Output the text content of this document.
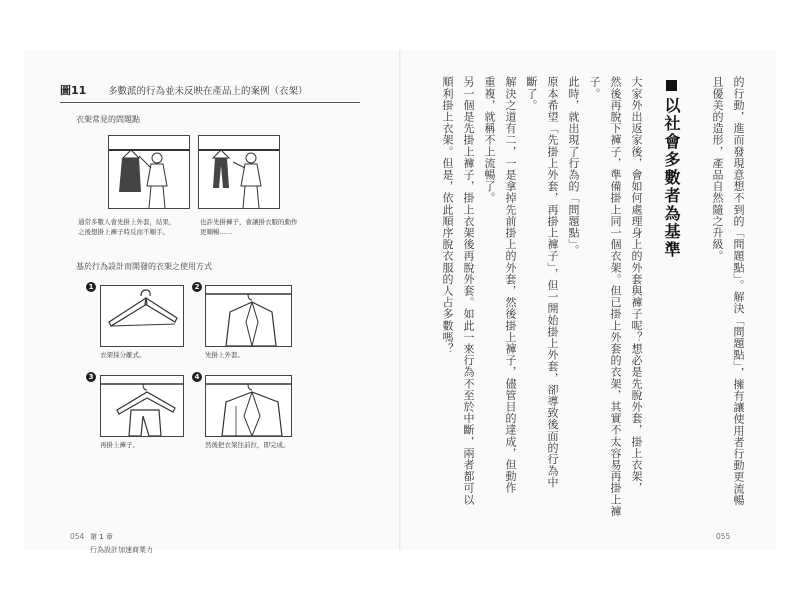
圖11 多數派的行為並未反映在產品上的案例（衣架）
衣架常見的問題點
通常多數人會先掛上外套，結果，
之後想掛上褲子時反而不順手。
也許先掛褲子，會讓掛衣服的動作
更順暢……
基於行為設計而開發的衣架之使用方式
1
衣架採分離式。
2
先掛上外套。
3
再掛上褲子。
4
然後把衣架往前拉，即完成。
054 第 1 章
行為設計加速商業力
的行動，進而發現意想不到的「問題點」。解決「問題點」，擁有讓使用者行動更流暢
且優美的造形，產品自然隨之升級。
以社會多數者為基準
大家外出返家後，會如何處理身上的外套與褲子呢？想必是先脫外套，掛上衣架，
然後再脫下褲子，準備掛上同一個衣架。但已掛上外套的衣架，其實不太容易再掛上褲
子。
此時，就出現了行為的「問題點」。
原本希望「先掛上外套，再掛上褲子」，但一開始掛上外套，卻導致後面的行為中
斷了。
解決之道有二，一是拿掉先前掛上的外套，然後掛上褲子，儘管目的達成，但動作
重複，就稱不上流暢了。
另一個是先掛上褲子，掛上衣架後再脫外套。如此一來行為不至於中斷，兩者都可以
順利掛上衣架。但是，依此順序脫衣服的人占多數嗎？
055
